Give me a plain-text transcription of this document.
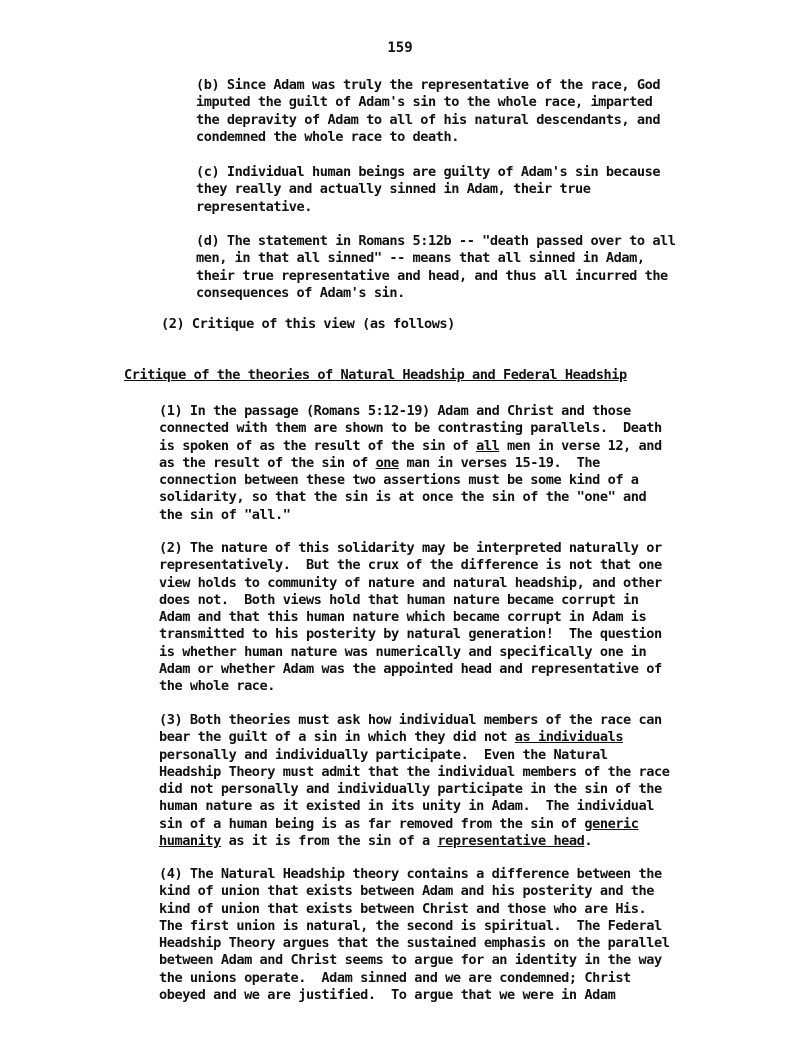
159
(b) Since Adam was truly the representative of the race, God
imputed the guilt of Adam's sin to the whole race, imparted
the depravity of Adam to all of his natural descendants, and
condemned the whole race to death.
(c) Individual human beings are guilty of Adam's sin because
they really and actually sinned in Adam, their true
representative.
(d) The statement in Romans 5:12b -- "death passed over to all
men, in that all sinned" -- means that all sinned in Adam,
their true representative and head, and thus all incurred the
consequences of Adam's sin.
(2) Critique of this view (as follows)
Critique of the theories of Natural Headship and Federal Headship
(1) In the passage (Romans 5:12-19) Adam and Christ and those
connected with them are shown to be contrasting parallels.  Death
is spoken of as the result of the sin of all men in verse 12, and
as the result of the sin of one man in verses 15-19.  The
connection between these two assertions must be some kind of a
solidarity, so that the sin is at once the sin of the "one" and
the sin of "all."
(2) The nature of this solidarity may be interpreted naturally or
representatively.  But the crux of the difference is not that one
view holds to community of nature and natural headship, and other
does not.  Both views hold that human nature became corrupt in
Adam and that this human nature which became corrupt in Adam is
transmitted to his posterity by natural generation!  The question
is whether human nature was numerically and specifically one in
Adam or whether Adam was the appointed head and representative of
the whole race.
(3) Both theories must ask how individual members of the race can
bear the guilt of a sin in which they did not as individuals
personally and individually participate.  Even the Natural
Headship Theory must admit that the individual members of the race
did not personally and individually participate in the sin of the
human nature as it existed in its unity in Adam.  The individual
sin of a human being is as far removed from the sin of generic
humanity as it is from the sin of a representative head.
(4) The Natural Headship theory contains a difference between the
kind of union that exists between Adam and his posterity and the
kind of union that exists between Christ and those who are His.
The first union is natural, the second is spiritual.  The Federal
Headship Theory argues that the sustained emphasis on the parallel
between Adam and Christ seems to argue for an identity in the way
the unions operate.  Adam sinned and we are condemned; Christ
obeyed and we are justified.  To argue that we were in Adam
